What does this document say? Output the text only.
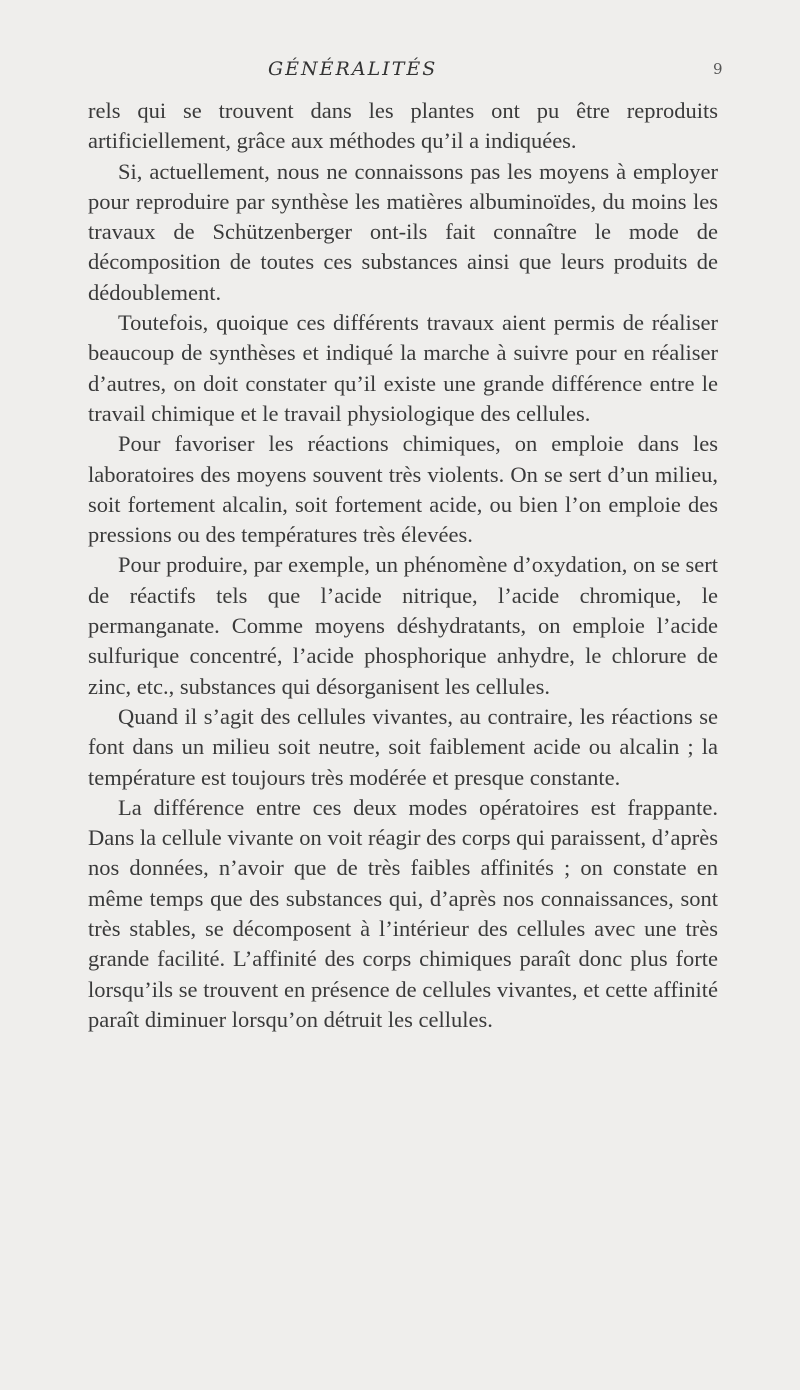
GÉNÉRALITÉS	9

rels qui se trouvent dans les plantes ont pu être reproduits artificiellement, grâce aux méthodes qu’il a indiquées.

Si, actuellement, nous ne connaissons pas les moyens à employer pour reproduire par synthèse les matières albuminoïdes, du moins les travaux de Schützenberger ont-ils fait connaître le mode de décomposition de toutes ces substances ainsi que leurs produits de dédoublement.

Toutefois, quoique ces différents travaux aient permis de réaliser beaucoup de synthèses et indiqué la marche à suivre pour en réaliser d’autres, on doit constater qu’il existe une grande différence entre le travail chimique et le travail physiologique des cellules.

Pour favoriser les réactions chimiques, on emploie dans les laboratoires des moyens souvent très violents. On se sert d’un milieu, soit fortement alcalin, soit fortement acide, ou bien l’on emploie des pressions ou des températures très élevées.

Pour produire, par exemple, un phénomène d’oxydation, on se sert de réactifs tels que l’acide nitrique, l’acide chromique, le permanganate. Comme moyens déshydratants, on emploie l’acide sulfurique concentré, l’acide phosphorique anhydre, le chlorure de zinc, etc., substances qui désorganisent les cellules.

Quand il s’agit des cellules vivantes, au contraire, les réactions se font dans un milieu soit neutre, soit faiblement acide ou alcalin ; la température est toujours très modérée et presque constante.

La différence entre ces deux modes opératoires est frappante. Dans la cellule vivante on voit réagir des corps qui paraissent, d’après nos données, n’avoir que de très faibles affinités ; on constate en même temps que des substances qui, d’après nos connaissances, sont très stables, se décomposent à l’intérieur des cellules avec une très grande facilité. L’affinité des corps chimiques paraît donc plus forte lorsqu’ils se trouvent en présence de cellules vivantes, et cette affinité paraît diminuer lorsqu’on détruit les cellules.
